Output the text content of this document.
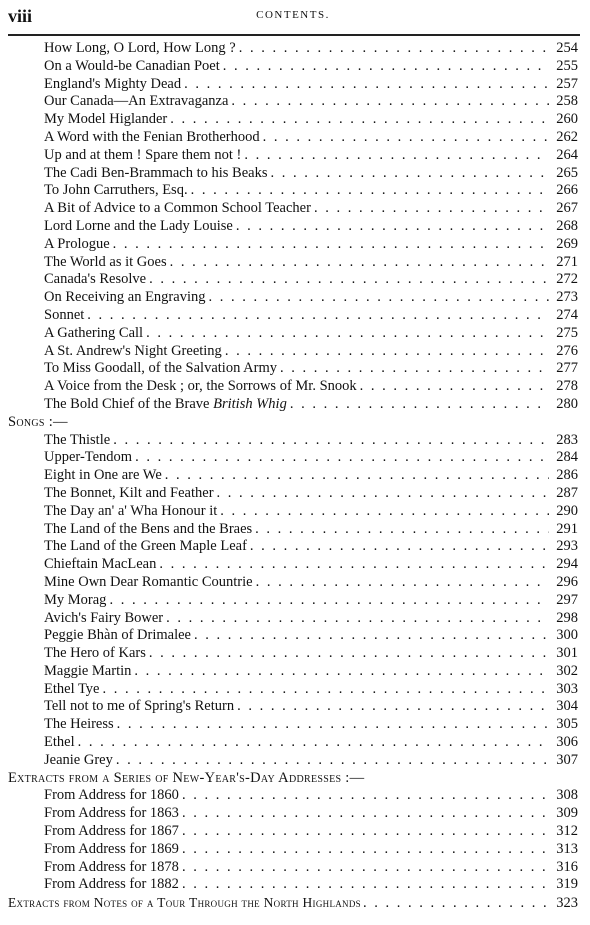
viii	CONTENTS.
How Long, O Lord, How Long ? . . .	254
On a Would-be Canadian Poet . . .	255
England's Mighty Dead . . .	257
Our Canada—An Extravaganza . . .	258
My Model Higlander . . .	260
A Word with the Fenian Brotherhood . . .	262
Up and at them ! Spare them not ! . . .	264
The Cadi Ben-Brammach to his Beaks . . .	265
To John Carruthers, Esq. . . .	266
A Bit of Advice to a Common School Teacher . . .	267
Lord Lorne and the Lady Louise . . .	268
A Prologue . . .	269
The World as it Goes . . .	271
Canada's Resolve . . .	272
On Receiving an Engraving . . .	273
Sonnet . . .	274
A Gathering Call . . .	275
A St. Andrew's Night Greeting . . .	276
To Miss Goodall, of the Salvation Army . . .	277
A Voice from the Desk ; or, the Sorrows of Mr. Snook . . .	278
The Bold Chief of the Brave British Whig . . .	280
Songs :—
The Thistle . . .	283
Upper-Tendom . . .	284
Eight in One are We . . .	286
The Bonnet, Kilt and Feather . . .	287
The Day an' a' Wha Honour it . . .	290
The Land of the Bens and the Braes . . .	291
The Land of the Green Maple Leaf . . .	293
Chieftain MacLean . . .	294
Mine Own Dear Romantic Countrie . . .	296
My Morag . . .	297
Avich's Fairy Bower . . .	298
Peggie Bhàn of Drimalee . . .	300
The Hero of Kars . . .	301
Maggie Martin . . .	302
Ethel Tye . . .	303
Tell not to me of Spring's Return . . .	304
The Heiress . . .	305
Ethel . . .	306
Jeanie Grey . . .	307
Extracts from a Series of New-Year's-Day Addresses :—
From Address for 1860 . . .	308
From Address for 1863 . . .	309
From Address for 1867 . . .	312
From Address for 1869 . . .	313
From Address for 1878 . . .	316
From Address for 1882 . . .	319
Extracts from Notes of a Tour Through the North Highlands . . .	323
